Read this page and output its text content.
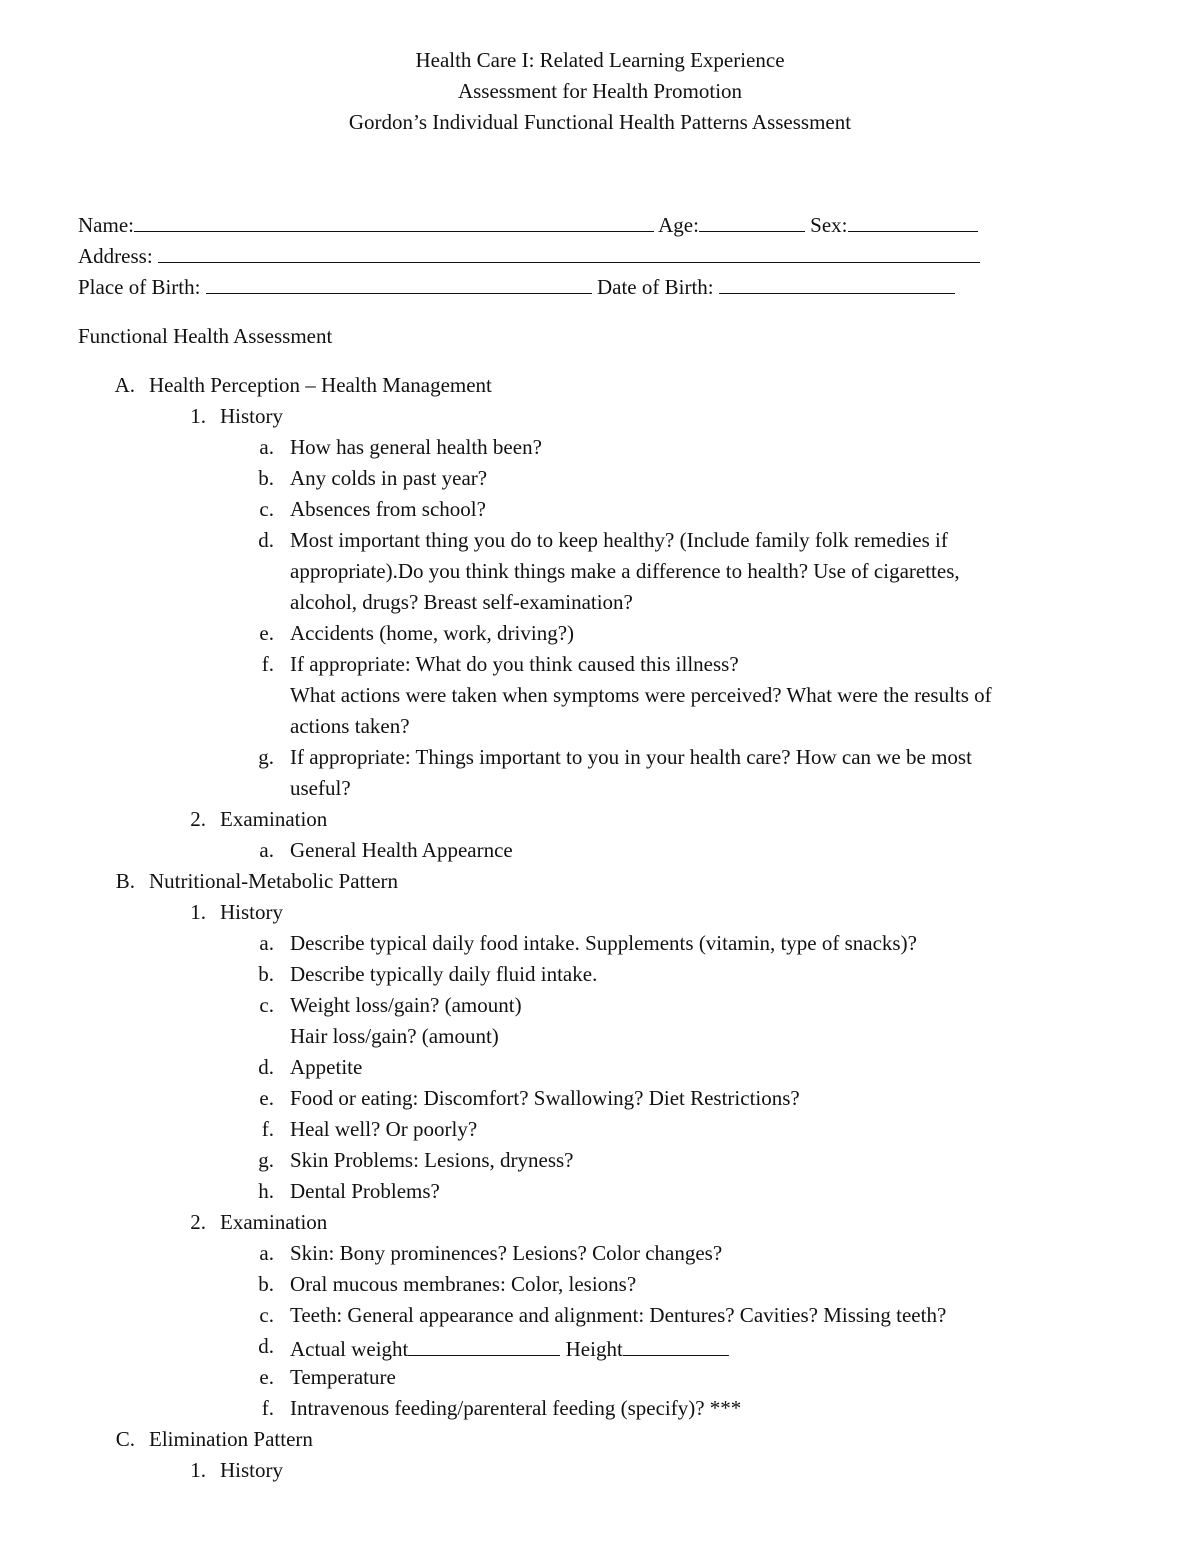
Health Care I: Related Learning Experience
Assessment for Health Promotion
Gordon’s Individual Functional Health Patterns Assessment
Name:	Age:	Sex:
Address:
Place of Birth:	Date of Birth:
Functional Health Assessment
A. Health Perception – Health Management
1. History
a. How has general health been?
b. Any colds in past year?
c. Absences from school?
d. Most important thing you do to keep healthy? (Include family folk remedies if
appropriate).Do you think things make a difference to health? Use of cigarettes,
alcohol, drugs? Breast self-examination?
e. Accidents (home, work, driving?)
f. If appropriate: What do you think caused this illness?
What actions were taken when symptoms were perceived? What were the results of
actions taken?
g. If appropriate: Things important to you in your health care? How can we be most
useful?
2. Examination
a. General Health Appearnce
B. Nutritional-Metabolic Pattern
1. History
a. Describe typical daily food intake. Supplements (vitamin, type of snacks)?
b. Describe typically daily fluid intake.
c. Weight loss/gain? (amount)
Hair loss/gain? (amount)
d. Appetite
e. Food or eating: Discomfort? Swallowing? Diet Restrictions?
f. Heal well? Or poorly?
g. Skin Problems: Lesions, dryness?
h. Dental Problems?
2. Examination
a. Skin: Bony prominences? Lesions? Color changes?
b. Oral mucous membranes: Color, lesions?
c. Teeth: General appearance and alignment: Dentures? Cavities? Missing teeth?
d. Actual weight	Height
e. Temperature
f. Intravenous feeding/parenteral feeding (specify)? ***
C. Elimination Pattern
1. History
